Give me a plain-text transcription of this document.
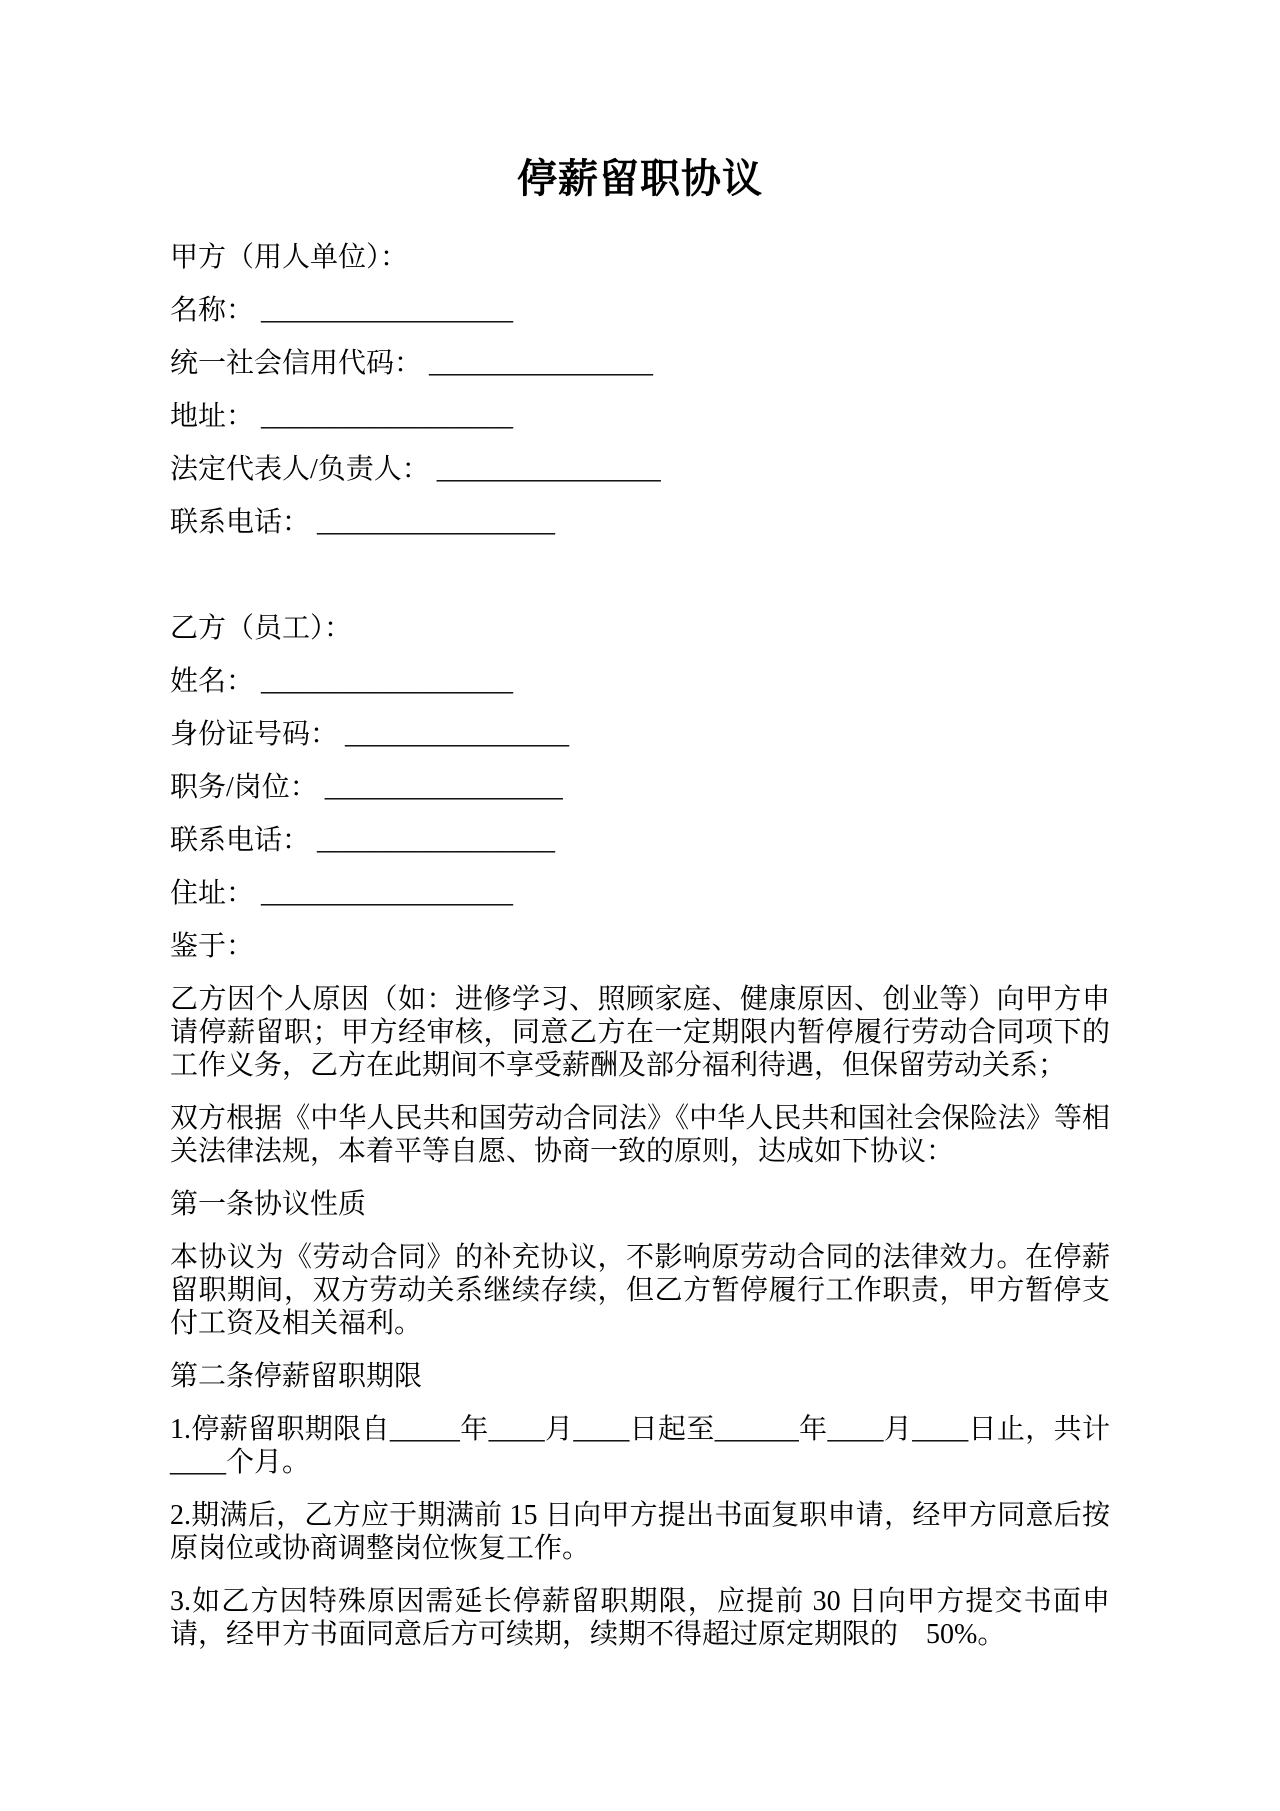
停薪留职协议

甲方（用人单位）：

名称： __________________

统一社会信用代码： ________________

地址： __________________

法定代表人/负责人： ________________

联系电话： _________________

乙方（员工）：

姓名： __________________

身份证号码： ________________

职务/岗位： _________________

联系电话： _________________

住址： __________________

鉴于：

乙方因个人原因（如：进修学习、照顾家庭、健康原因、创业等）向甲方申请停薪留职；甲方经审核，同意乙方在一定期限内暂停履行劳动合同项下的工作义务，乙方在此期间不享受薪酬及部分福利待遇，但保留劳动关系；

双方根据《中华人民共和国劳动合同法》《中华人民共和国社会保险法》等相关法律法规，本着平等自愿、协商一致的原则，达成如下协议：

第一条协议性质

本协议为《劳动合同》的补充协议，不影响原劳动合同的法律效力。在停薪留职期间，双方劳动关系继续存续，但乙方暂停履行工作职责，甲方暂停支付工资及相关福利。

第二条停薪留职期限

1.停薪留职期限自_____年____月____日起至______年____月____日止，共计____个月。

2.期满后，乙方应于期满前 15 日向甲方提出书面复职申请，经甲方同意后按原岗位或协商调整岗位恢复工作。

3.如乙方因特殊原因需延长停薪留职期限，应提前 30 日向甲方提交书面申请，经甲方书面同意后方可续期，续期不得超过原定期限的　50%。
